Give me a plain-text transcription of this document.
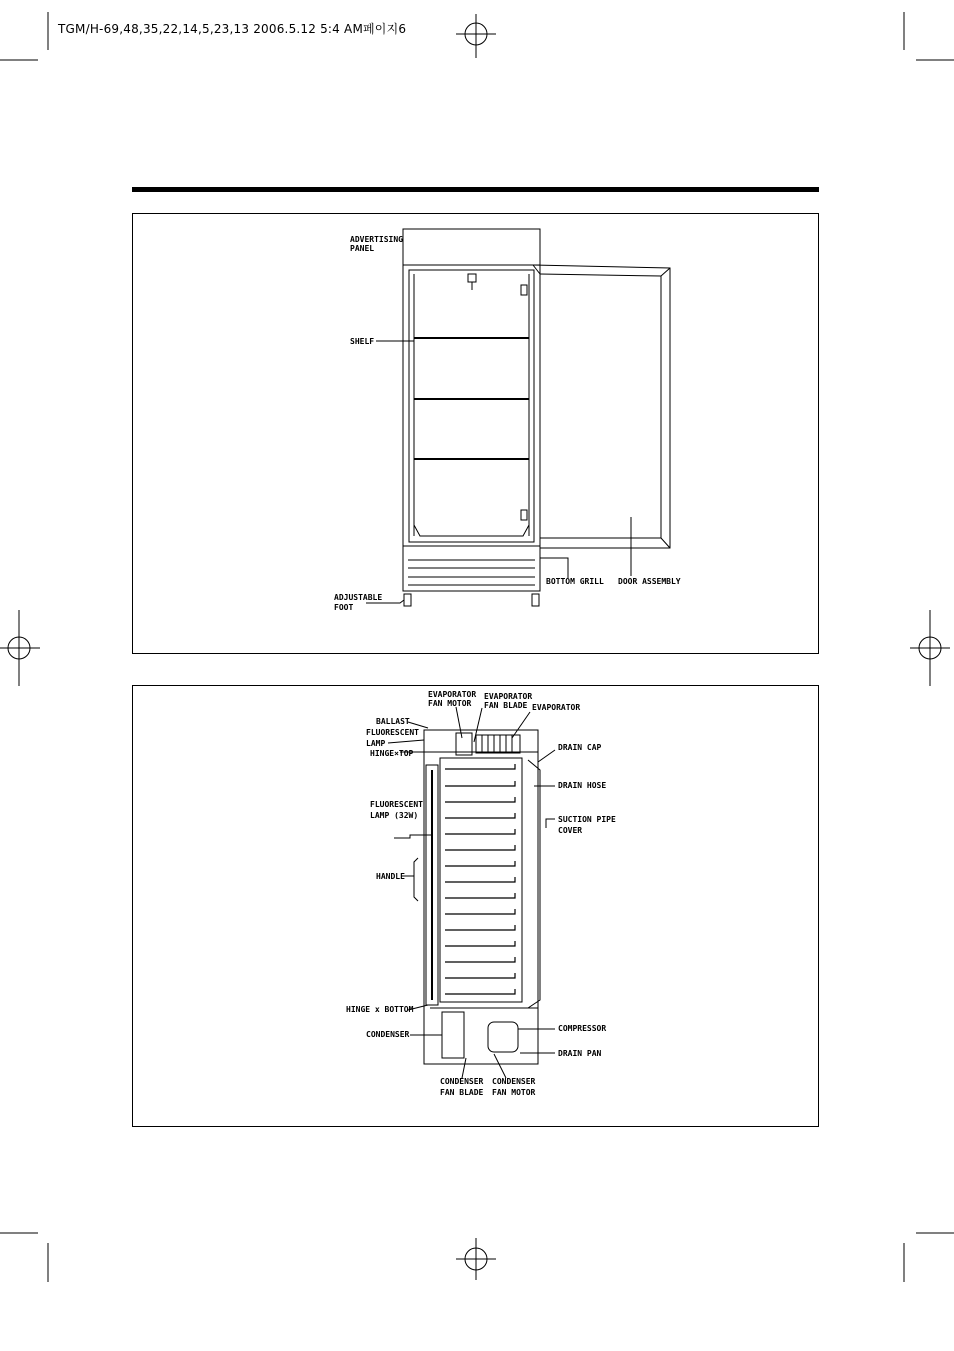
TGM/H-69,48,35,22,14,5,23,13 2006.5.12 5:4 AM페이지6
ADVERTISING
PANEL
SHELF
BOTTOM GRILL DOOR ASSEMBLY
ADJUSTABLE
FOOT
EVAPORATOR
FAN MOTOR
EVAPORATOR
FAN BLADE EVAPORATOR
BALLAST
FLUORESCENT
LAMP
HINGE×TOP
DRAIN CAP
DRAIN HOSE
FLUORESCENT
LAMP (32W)	SUCTION PIPE
COVER
HANDLE
HINGE x BOTTOM
COMPRESSOR
CONDENSER
DRAIN PAN
CONDENSER
FAN BLADE
CONDENSER
FAN MOTOR
